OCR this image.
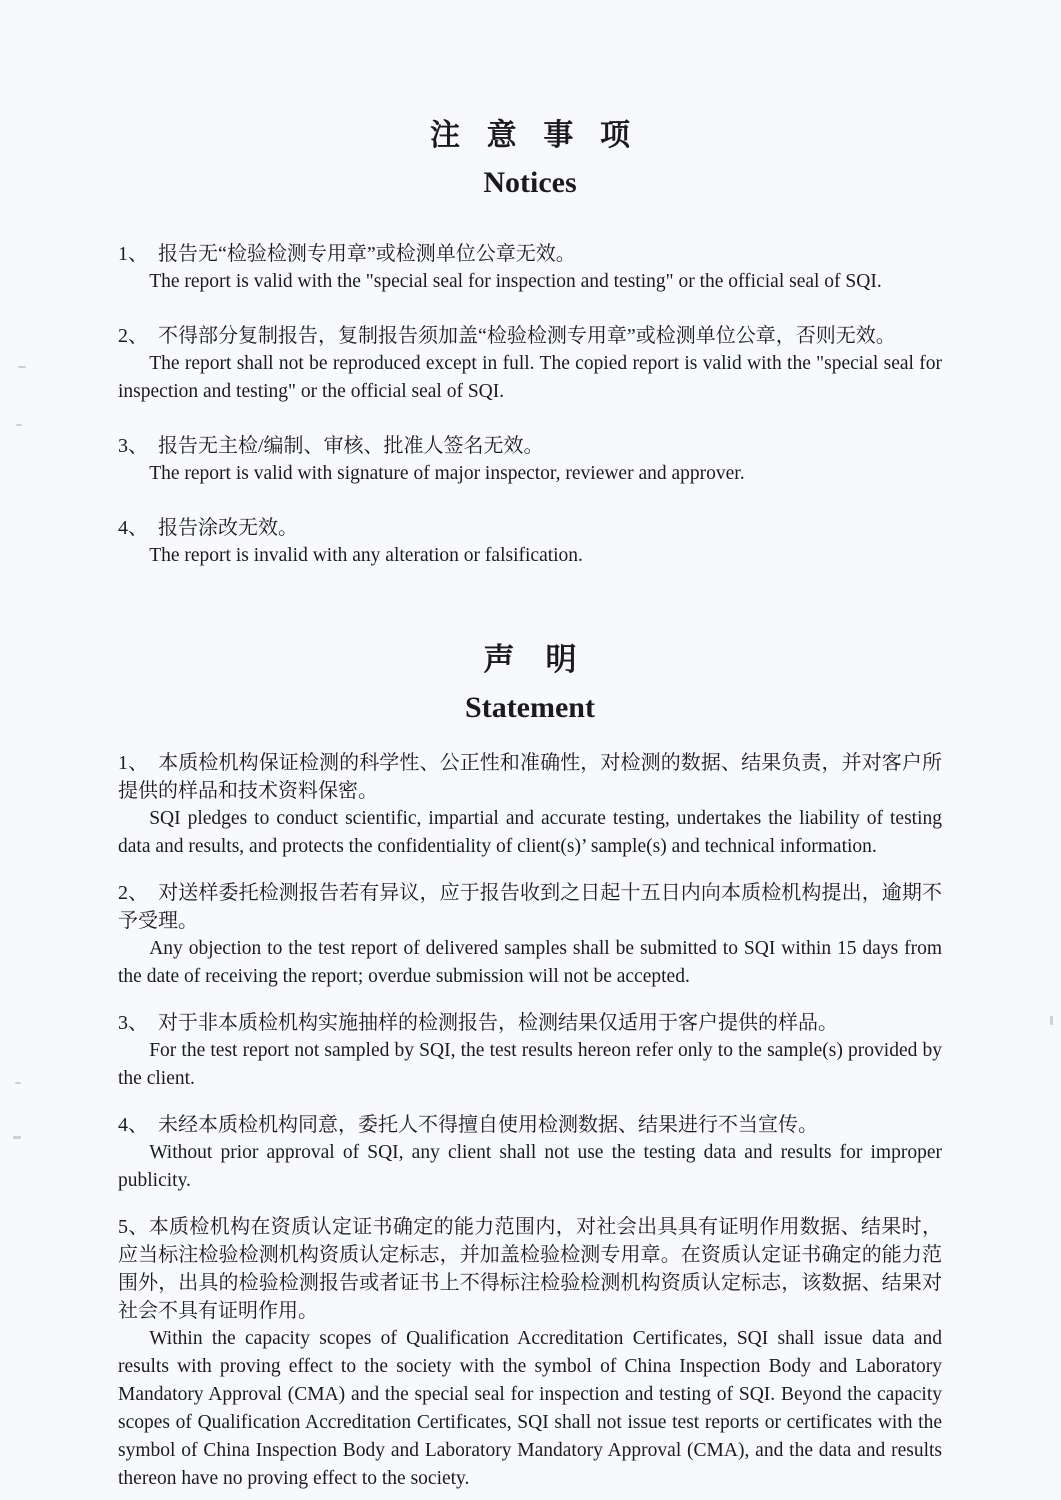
注 意 事 项
Notices

1、 报告无“检验检测专用章”或检测单位公章无效。

The report is valid with the "special seal for inspection and testing" or the official seal of SQI.

2、 不得部分复制报告，复制报告须加盖“检验检测专用章”或检测单位公章，否则无效。

The report shall not be reproduced except in full. The copied report is valid with the "special seal for inspection and testing" or the official seal of SQI.

3、 报告无主检/编制、审核、批准人签名无效。

The report is valid with signature of major inspector, reviewer and approver.

4、 报告涂改无效。

The report is invalid with any alteration or falsification.

声　明
Statement

1、 本质检机构保证检测的科学性、公正性和准确性，对检测的数据、结果负责，并对客户所提供的样品和技术资料保密。

SQI pledges to conduct scientific, impartial and accurate testing, undertakes the liability of testing data and results, and protects the confidentiality of client(s)’ sample(s) and technical information.

2、 对送样委托检测报告若有异议，应于报告收到之日起十五日内向本质检机构提出，逾期不予受理。

Any objection to the test report of delivered samples shall be submitted to SQI within 15 days from the date of receiving the report; overdue submission will not be accepted.

3、 对于非本质检机构实施抽样的检测报告，检测结果仅适用于客户提供的样品。

For the test report not sampled by SQI, the test results hereon refer only to the sample(s) provided by the client.

4、 未经本质检机构同意，委托人不得擅自使用检测数据、结果进行不当宣传。

Without prior approval of SQI, any client shall not use the testing data and results for improper publicity.

5、本质检机构在资质认定证书确定的能力范围内，对社会出具具有证明作用数据、结果时，应当标注检验检测机构资质认定标志，并加盖检验检测专用章。在资质认定证书确定的能力范围外，出具的检验检测报告或者证书上不得标注检验检测机构资质认定标志，该数据、结果对社会不具有证明作用。

Within the capacity scopes of Qualification Accreditation Certificates, SQI shall issue data and results with proving effect to the society with the symbol of China Inspection Body and Laboratory Mandatory Approval (CMA) and the special seal for inspection and testing of SQI. Beyond the capacity scopes of Qualification Accreditation Certificates, SQI shall not issue test reports or certificates with the symbol of China Inspection Body and Laboratory Mandatory Approval (CMA), and the data and results thereon have no proving effect to the society.
